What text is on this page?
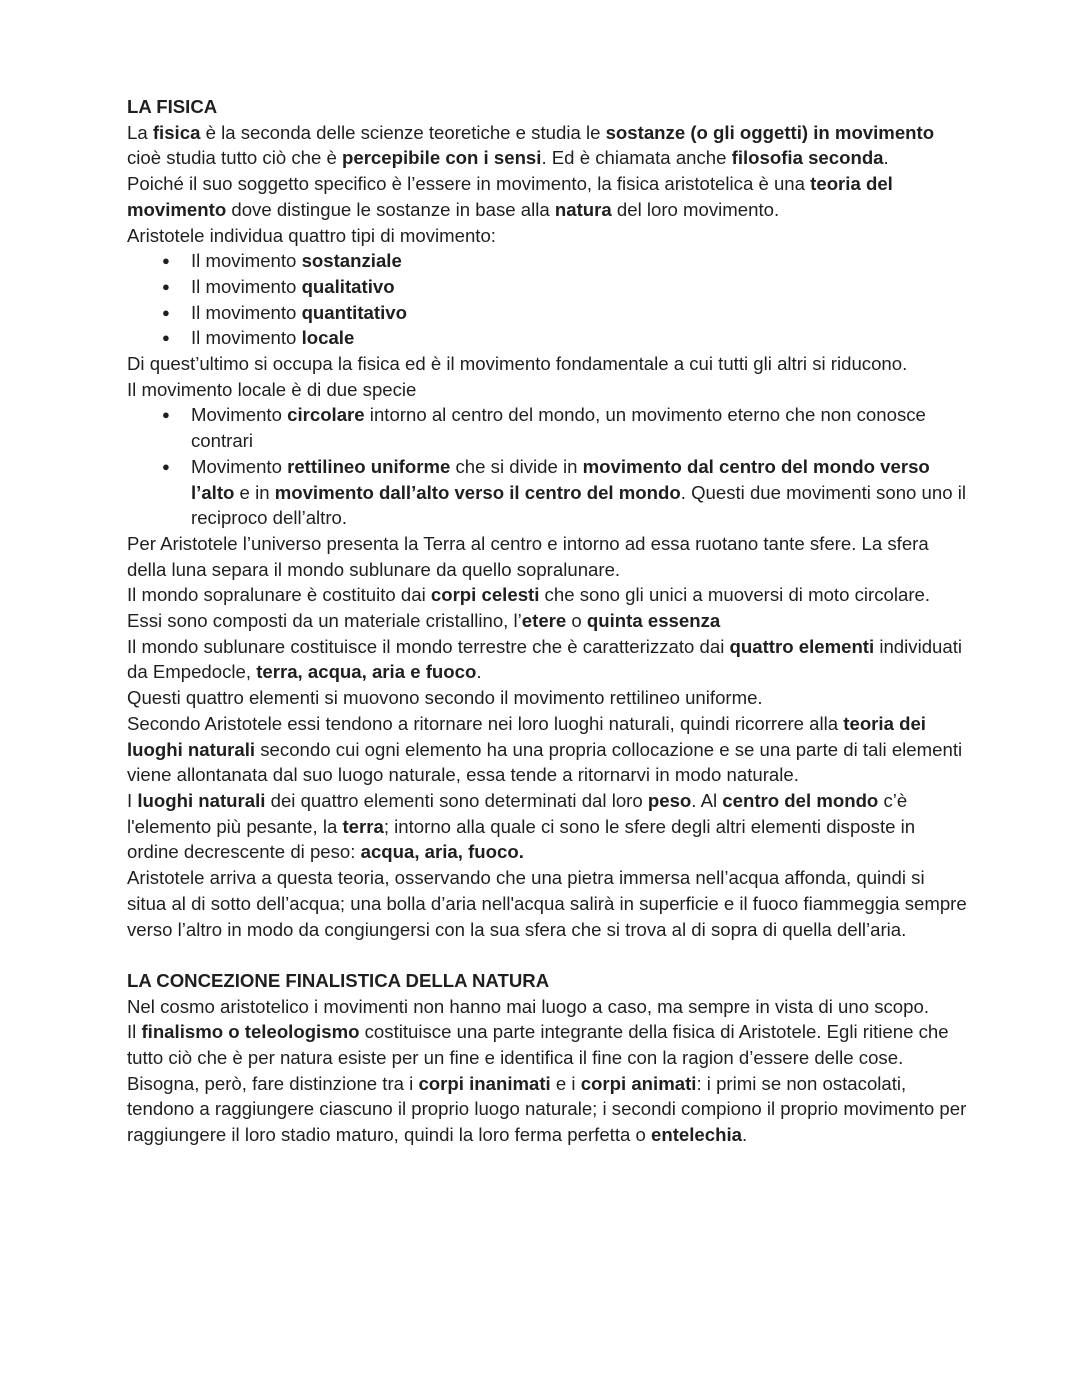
LA FISICA

La fisica è la seconda delle scienze teoretiche e studia le sostanze (o gli oggetti) in movimento cioè studia tutto ciò che è percepibile con i sensi. Ed è chiamata anche filosofia seconda.

Poiché il suo soggetto specifico è l’essere in movimento, la fisica aristotelica è una teoria del movimento dove distingue le sostanze in base alla natura del loro movimento.

Aristotele individua quattro tipi di movimento:

● Il movimento sostanziale
● Il movimento qualitativo
● Il movimento quantitativo
● Il movimento locale

Di quest’ultimo si occupa la fisica ed è il movimento fondamentale a cui tutti gli altri si riducono.

Il movimento locale è di due specie

● Movimento circolare intorno al centro del mondo, un movimento eterno che non conosce contrari
● Movimento rettilineo uniforme che si divide in movimento dal centro del mondo verso l’alto e in movimento dall’alto verso il centro del mondo. Questi due movimenti sono uno il reciproco dell’altro.

Per Aristotele l’universo presenta la Terra al centro e intorno ad essa ruotano tante sfere. La sfera della luna separa il mondo sublunare da quello sopralunare.

Il mondo sopralunare è costituito dai corpi celesti che sono gli unici a muoversi di moto circolare. Essi sono composti da un materiale cristallino, l’etere o quinta essenza

Il mondo sublunare costituisce il mondo terrestre che è caratterizzato dai quattro elementi individuati da Empedocle, terra, acqua, aria e fuoco.

Questi quattro elementi si muovono secondo il movimento rettilineo uniforme.

Secondo Aristotele essi tendono a ritornare nei loro luoghi naturali, quindi ricorrere alla teoria dei luoghi naturali secondo cui ogni elemento ha una propria collocazione e se una parte di tali elementi viene allontanata dal suo luogo naturale, essa tende a ritornarvi in modo naturale.

I luoghi naturali dei quattro elementi sono determinati dal loro peso. Al centro del mondo c’è l'elemento più pesante, la terra; intorno alla quale ci sono le sfere degli altri elementi disposte in ordine decrescente di peso: acqua, aria, fuoco.

Aristotele arriva a questa teoria, osservando che una pietra immersa nell’acqua affonda, quindi si situa al di sotto dell’acqua; una bolla d’aria nell'acqua salirà in superficie e il fuoco fiammeggia sempre verso l’altro in modo da congiungersi con la sua sfera che si trova al di sopra di quella dell’aria.

LA CONCEZIONE FINALISTICA DELLA NATURA

Nel cosmo aristotelico i movimenti non hanno mai luogo a caso, ma sempre in vista di uno scopo.

Il finalismo o teleologismo costituisce una parte integrante della fisica di Aristotele. Egli ritiene che tutto ciò che è per natura esiste per un fine e identifica il fine con la ragion d’essere delle cose.

Bisogna, però, fare distinzione tra i corpi inanimati e i corpi animati: i primi se non ostacolati, tendono a raggiungere ciascuno il proprio luogo naturale; i secondi compiono il proprio movimento per raggiungere il loro stadio maturo, quindi la loro ferma perfetta o entelechia.
